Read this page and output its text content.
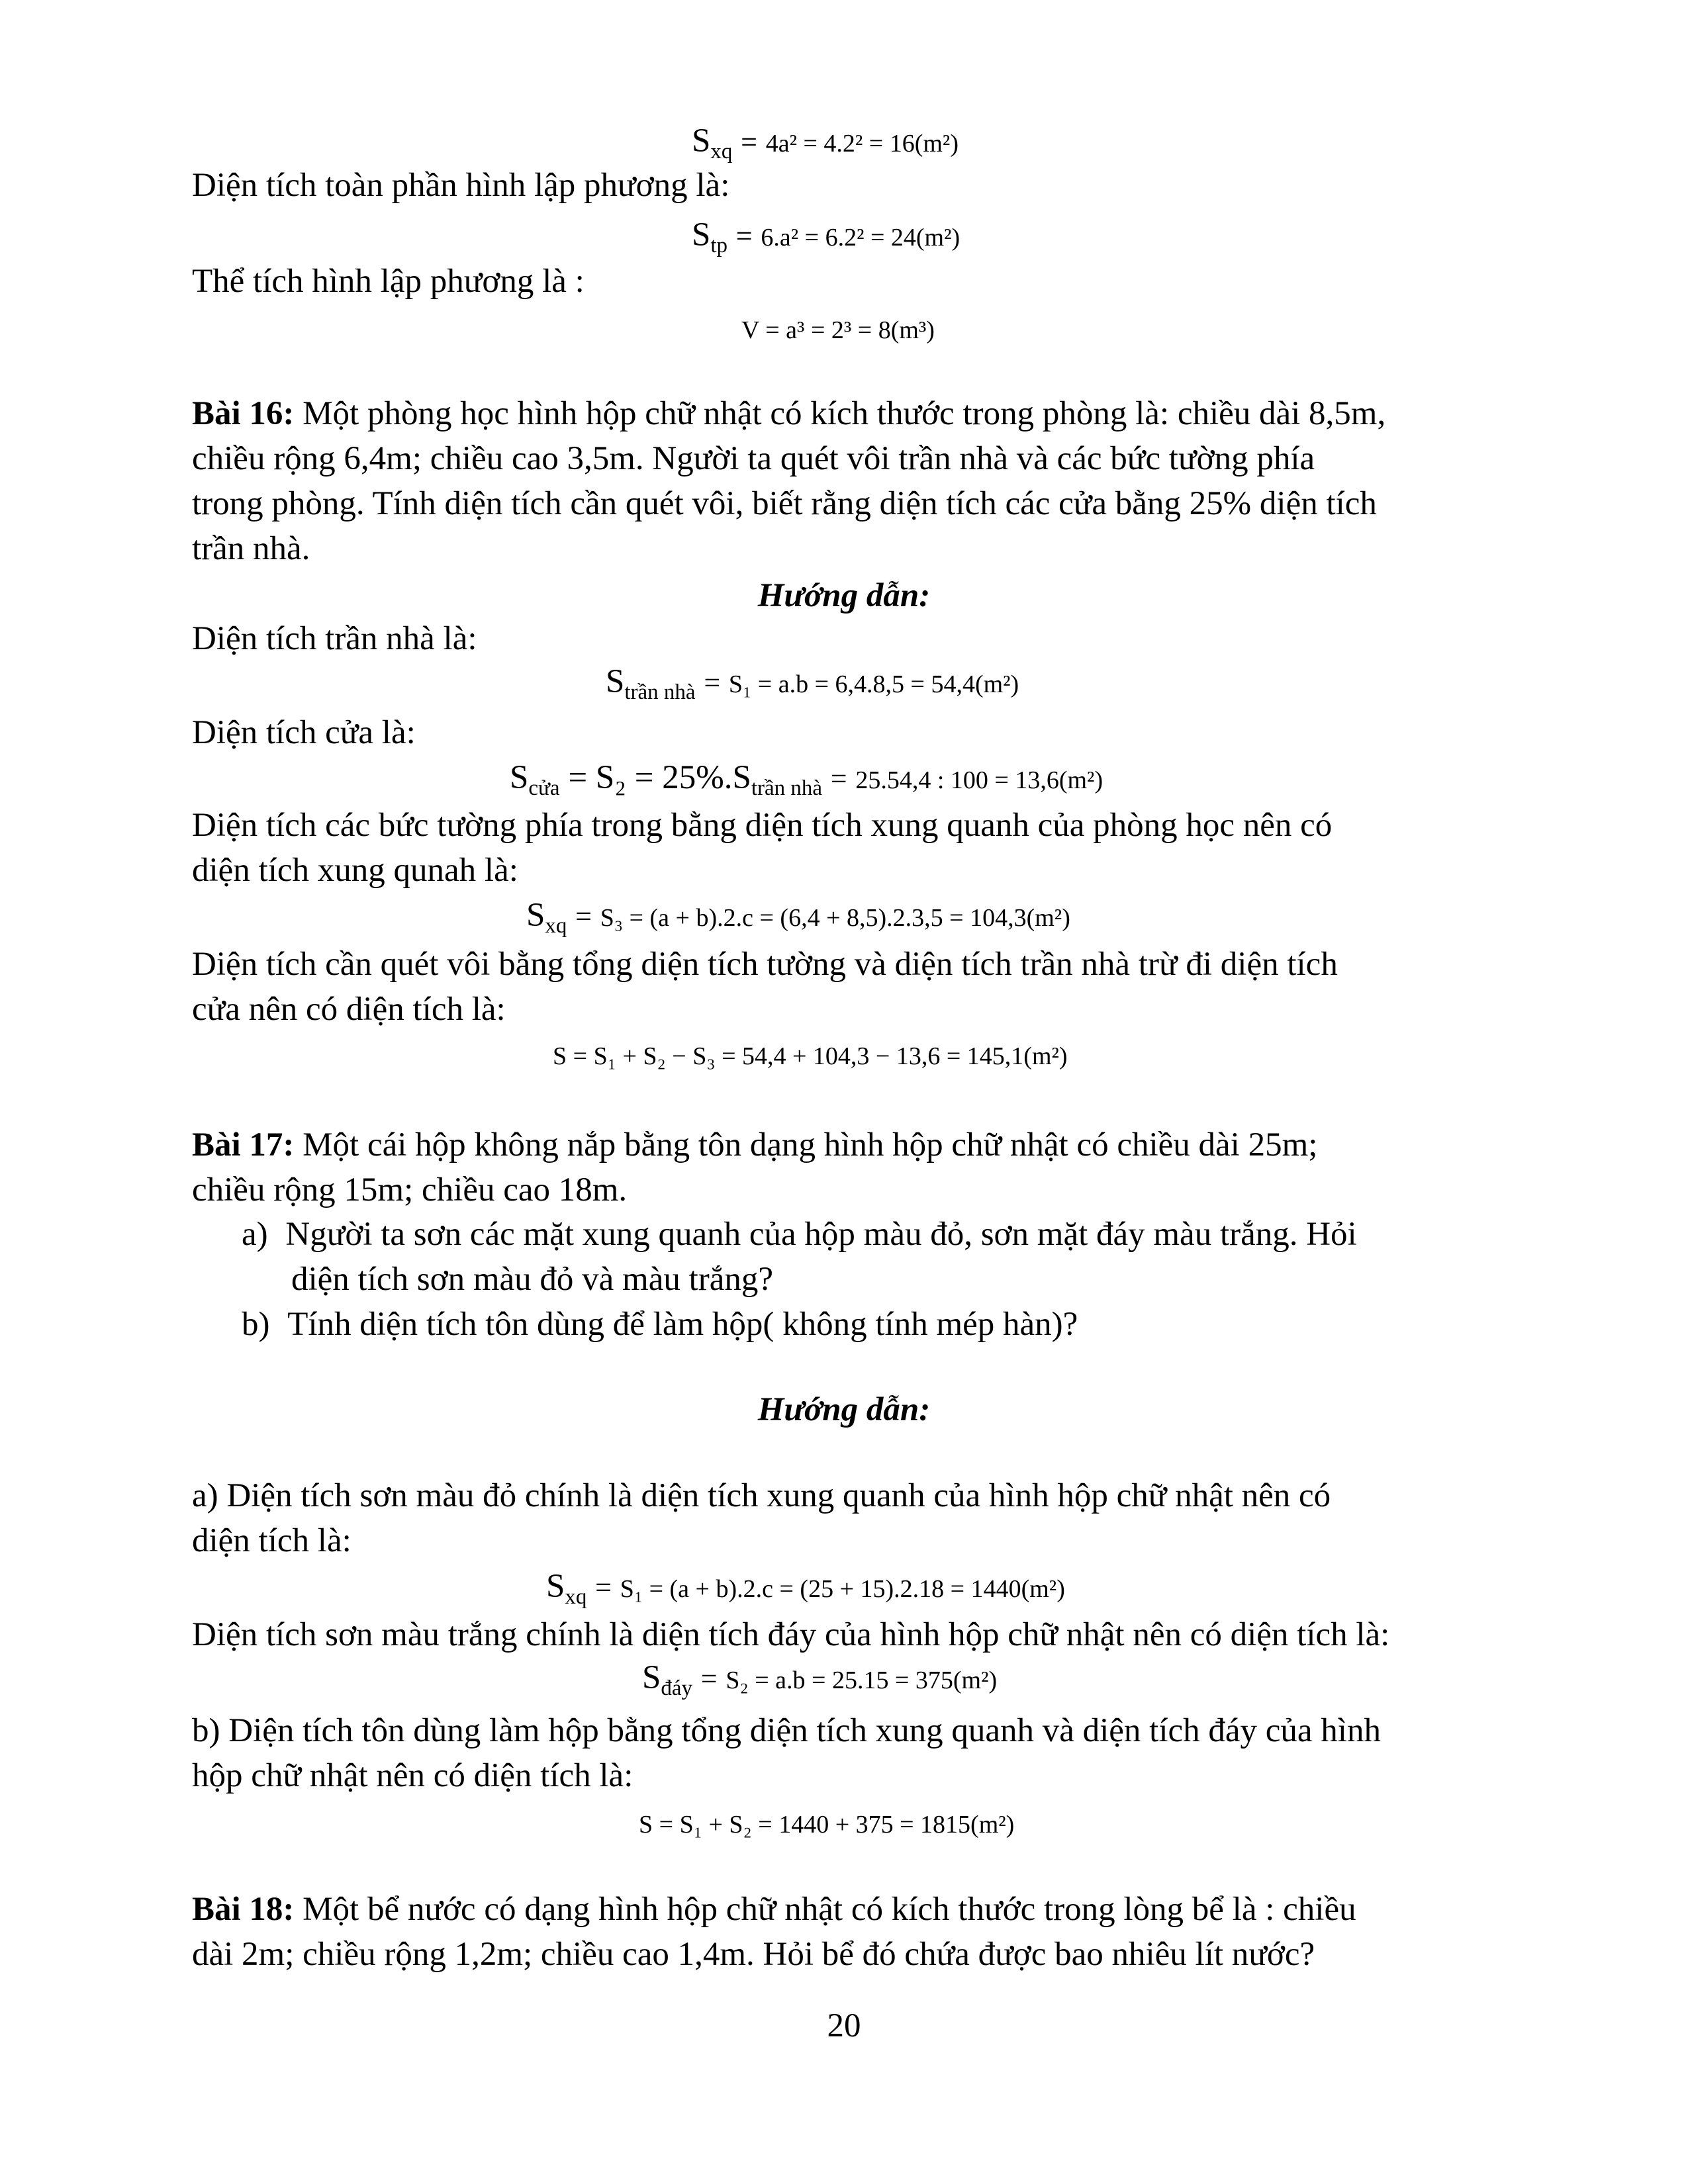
Sxq = 4a² = 4.2² = 16(m²)
Diện tích toàn phần hình lập phương là:
Stp = 6.a² = 6.2² = 24(m²)
Thể tích hình lập phương là :
V = a³ = 2³ = 8(m³)
Bài 16: Một phòng học hình hộp chữ nhật có kích thước trong phòng là: chiều dài 8,5m,
chiều rộng 6,4m; chiều cao 3,5m. Người ta quét vôi trần nhà và các bức tường phía
trong phòng. Tính diện tích cần quét vôi, biết rằng diện tích các cửa bằng 25% diện tích
trần nhà.
Hướng dẫn:
Diện tích trần nhà là:
Strần nhà = S₁ = a.b = 6,4.8,5 = 54,4(m²)
Diện tích cửa là:
Scửa = S₂ = 25%.Strần nhà = 25.54,4 : 100 = 13,6(m²)
Diện tích các bức tường phía trong bằng diện tích xung quanh của phòng học nên có
diện tích xung qunah là:
Sxq = S₃ = (a + b).2.c = (6,4 + 8,5).2.3,5 = 104,3(m²)
Diện tích cần quét vôi bằng tổng diện tích tường và diện tích trần nhà trừ đi diện tích
cửa nên có diện tích là:
S = S₁ + S₂ − S₃ = 54,4 + 104,3 − 13,6 = 145,1(m²)
Bài 17: Một cái hộp không nắp bằng tôn dạng hình hộp chữ nhật có chiều dài 25m;
chiều rộng 15m; chiều cao 18m.
a) Người ta sơn các mặt xung quanh của hộp màu đỏ, sơn mặt đáy màu trắng. Hỏi
diện tích sơn màu đỏ và màu trắng?
b) Tính diện tích tôn dùng để làm hộp( không tính mép hàn)?
Hướng dẫn:
a) Diện tích sơn màu đỏ chính là diện tích xung quanh của hình hộp chữ nhật nên có
diện tích là:
Sxq = S₁ = (a + b).2.c = (25 + 15).2.18 = 1440(m²)
Diện tích sơn màu trắng chính là diện tích đáy của hình hộp chữ nhật nên có diện tích là:
Sđáy = S₂ = a.b = 25.15 = 375(m²)
b) Diện tích tôn dùng làm hộp bằng tổng diện tích xung quanh và diện tích đáy của hình
hộp chữ nhật nên có diện tích là:
S = S₁ + S₂ = 1440 + 375 = 1815(m²)
Bài 18: Một bể nước có dạng hình hộp chữ nhật có kích thước trong lòng bể là : chiều
dài 2m; chiều rộng 1,2m; chiều cao 1,4m. Hỏi bể đó chứa được bao nhiêu lít nước?
20
